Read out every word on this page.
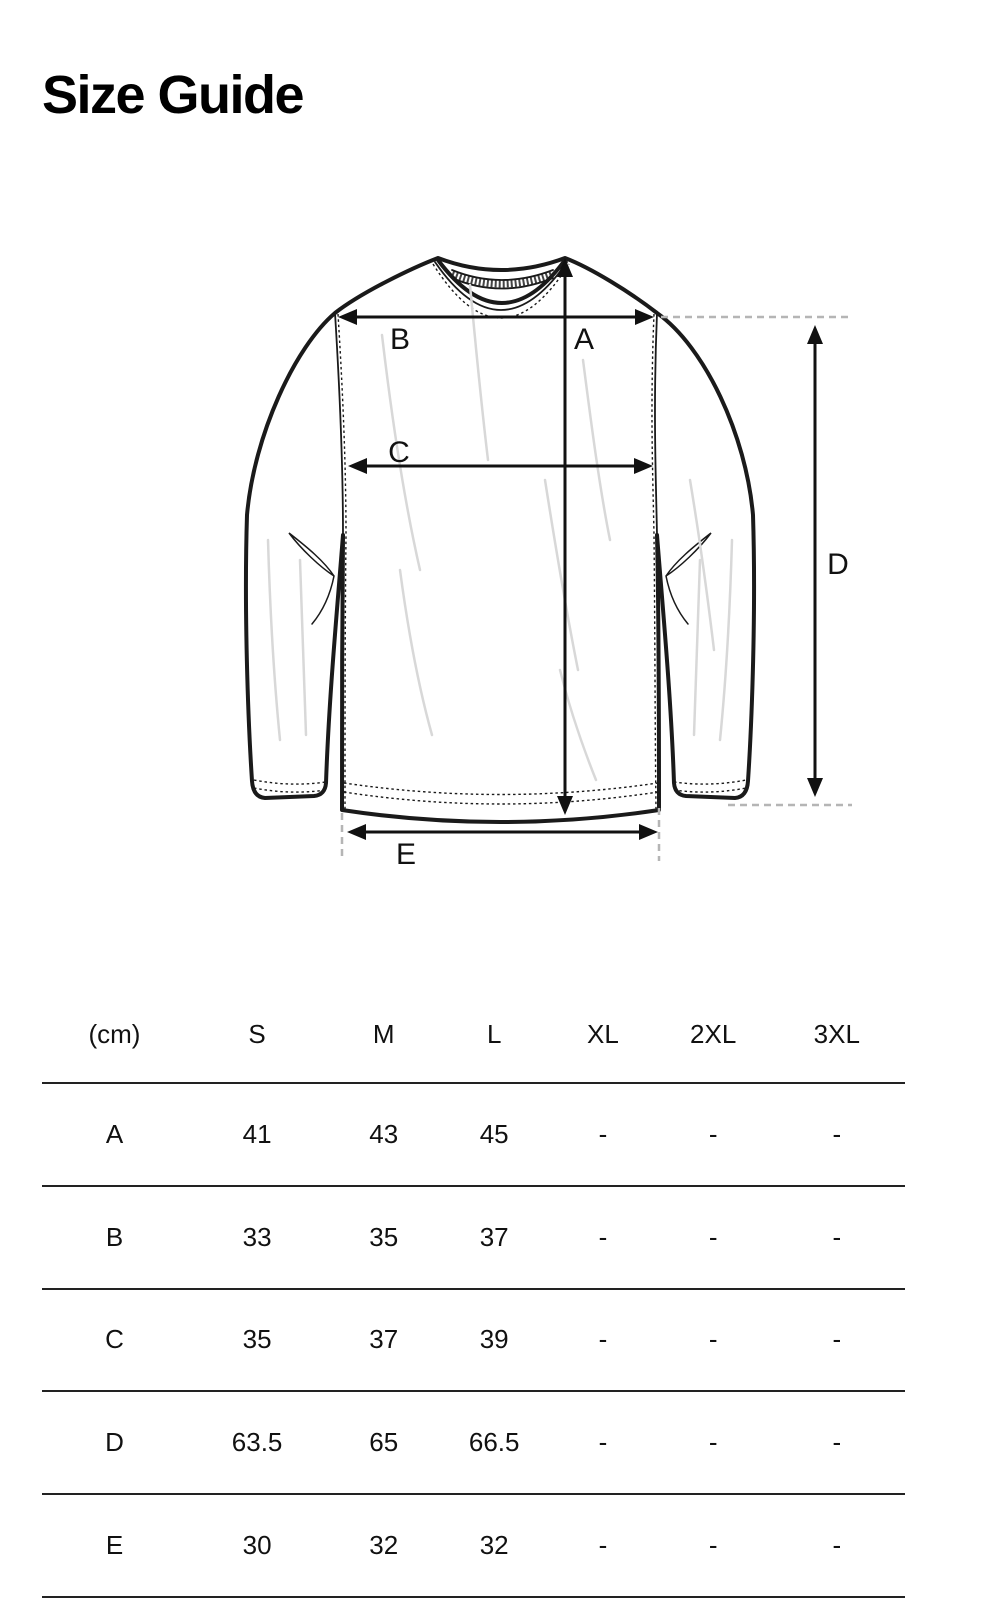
Size Guide
B	A
C
D
E
(cm)	S	M	L	XL	2XL	3XL
A	41	43	45	-	-	-
B	33	35	37	-	-	-
C	35	37	39	-	-	-
D	63.5	65	66.5	-	-	-
E	30	32	32	-	-	-
